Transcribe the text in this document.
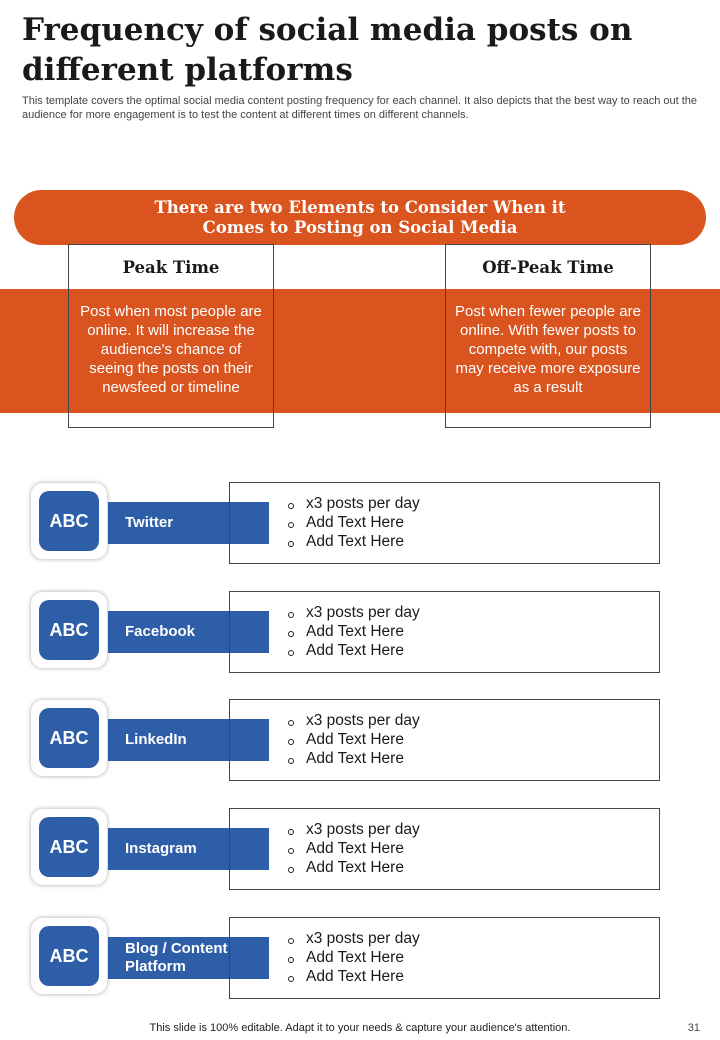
Frequency of social media posts on different platforms

This template covers the optimal social media content posting frequency for each channel. It also depicts that the best way to reach out the audience for more engagement is to test the content at different times on different channels.

There are two Elements to Consider When it Comes to Posting on Social Media
Peak Time
Post when most people are online. It will increase the audience's chance of seeing the posts on their newsfeed or timeline
Off-Peak Time
Post when fewer people are online. With fewer posts to compete with, our posts may receive more exposure as a result
ABC	Twitter
x3 posts per day
Add Text Here
Add Text Here
ABC	Facebook
x3 posts per day
Add Text Here
Add Text Here
ABC	LinkedIn
x3 posts per day
Add Text Here
Add Text Here
ABC	Instagram
x3 posts per day
Add Text Here
Add Text Here
ABC	Blog / Content Platform
x3 posts per day
Add Text Here
Add Text Here
This slide is 100% editable. Adapt it to your needs & capture your audience's attention.	31
